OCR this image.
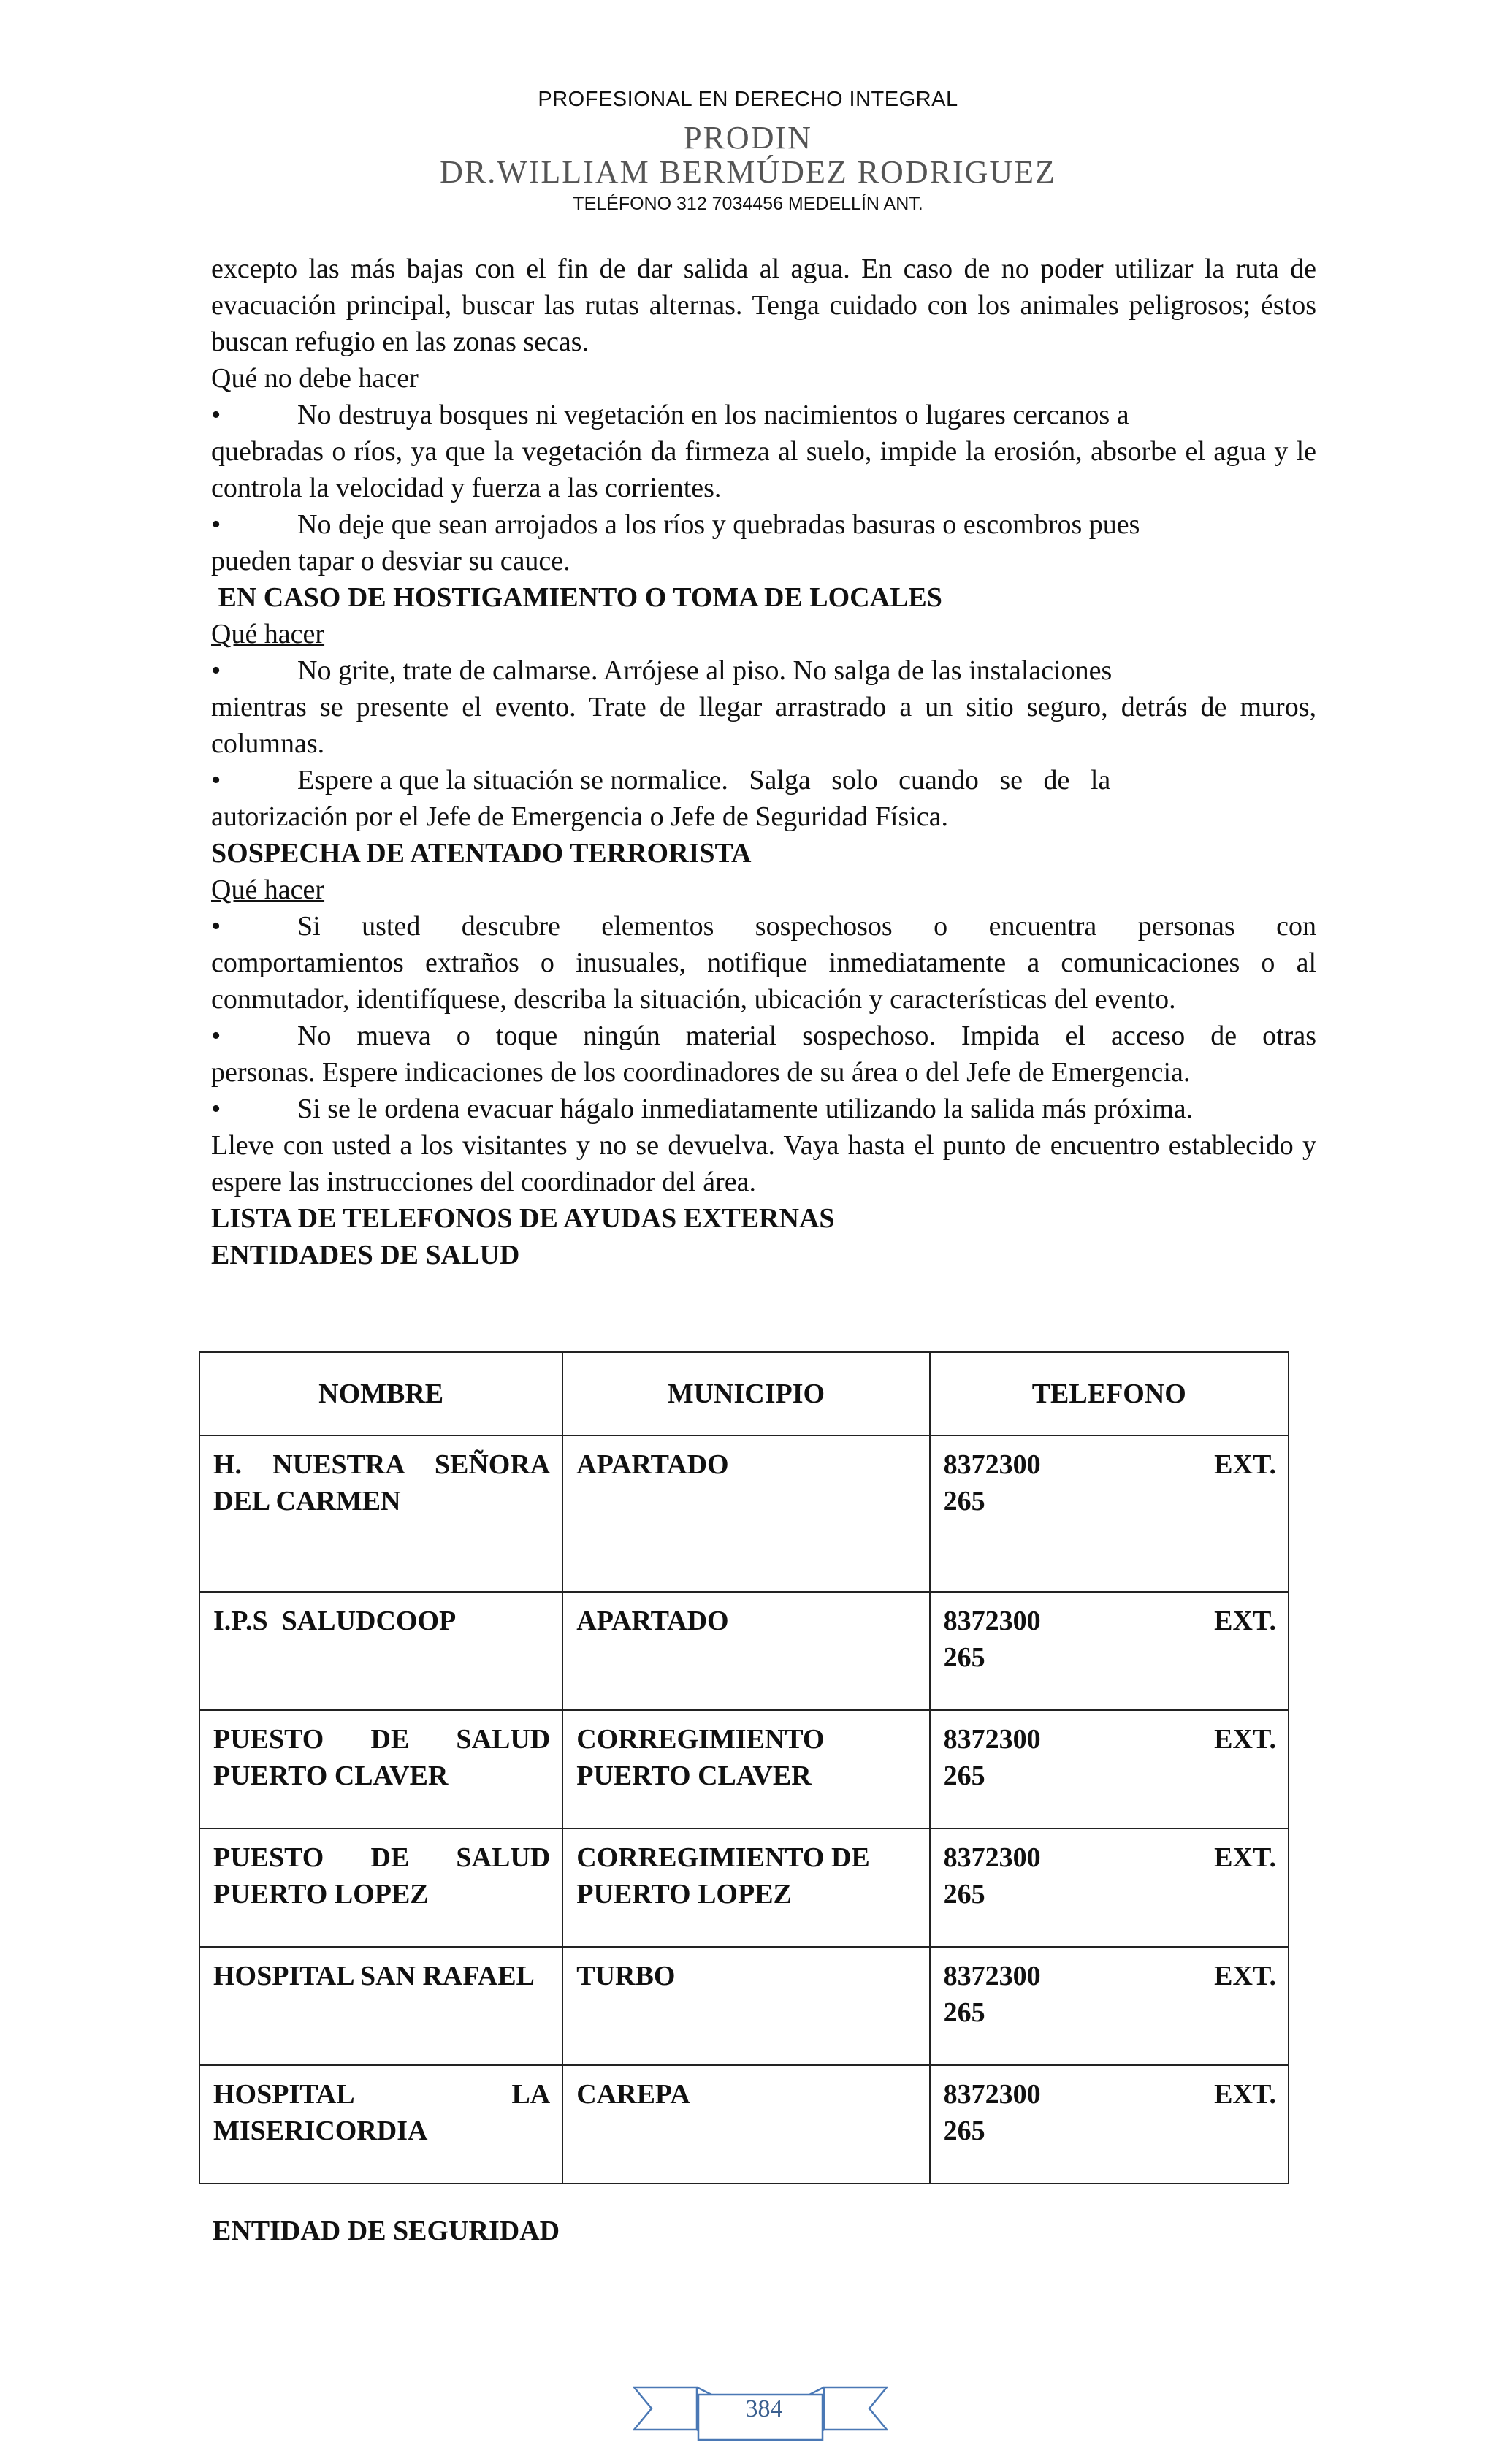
PROFESIONAL EN DERECHO INTEGRAL
PRODIN
DR.WILLIAM BERMÚDEZ RODRIGUEZ
TELÉFONO 312 7034456 MEDELLÍN ANT.

excepto las más bajas con el fin de dar salida al agua. En caso de no poder utilizar la ruta de evacuación principal, buscar las rutas alternas. Tenga cuidado con los animales peligrosos; éstos buscan refugio en las zonas secas.

Qué no debe hacer

•	No destruya bosques ni vegetación en los nacimientos o lugares cercanos a

quebradas o ríos, ya que la vegetación da firmeza al suelo, impide la erosión, absorbe el agua y le controla la velocidad y fuerza a las corrientes.

•	No deje que sean arrojados a los ríos y quebradas basuras o escombros pues

pueden tapar o desviar su cauce.

EN CASO DE HOSTIGAMIENTO O TOMA DE LOCALES

Qué hacer

•	No grite, trate de calmarse. Arrójese al piso. No salga de las instalaciones

mientras se presente el evento. Trate de llegar arrastrado a un sitio seguro, detrás de muros, columnas.

•	Espere a que la situación se normalice.   Salga   solo   cuando   se   de   la

autorización por el Jefe de Emergencia o Jefe de Seguridad Física.

SOSPECHA DE ATENTADO TERRORISTA

Qué hacer

•	Si usted descubre elementos sospechosos o encuentra personas con

comportamientos extraños o inusuales, notifique inmediatamente a comunicaciones o al conmutador, identifíquese, describa la situación, ubicación y características del evento.

•	No mueva o toque ningún material sospechoso. Impida el acceso de otras

personas. Espere indicaciones de los coordinadores de su área o del Jefe de Emergencia.

•	Si se le ordena evacuar hágalo inmediatamente utilizando la salida más próxima.

Lleve con usted a los visitantes y no se devuelva. Vaya hasta el punto de encuentro establecido y espere las instrucciones del coordinador del área.

LISTA DE TELEFONOS DE AYUDAS EXTERNAS

ENTIDADES DE SALUD

NOMBRE	MUNICIPIO	TELEFONO
H. NUESTRA SEÑORA DEL CARMEN	APARTADO	8372300 EXT.
265

I.P.S  SALUDCOOP	APARTADO	8372300 EXT.
265

PUESTO DE SALUD PUERTO CLAVER	CORREGIMIENTO PUERTO CLAVER	8372300 EXT.
265

PUESTO DE SALUD PUERTO LOPEZ	CORREGIMIENTO DE PUERTO LOPEZ	8372300 EXT.
265

HOSPITAL SAN RAFAEL	TURBO	8372300 EXT.
265

HOSPITAL LA MISERICORDIA	CAREPA	8372300 EXT.
265
ENTIDAD DE SEGURIDAD
384
